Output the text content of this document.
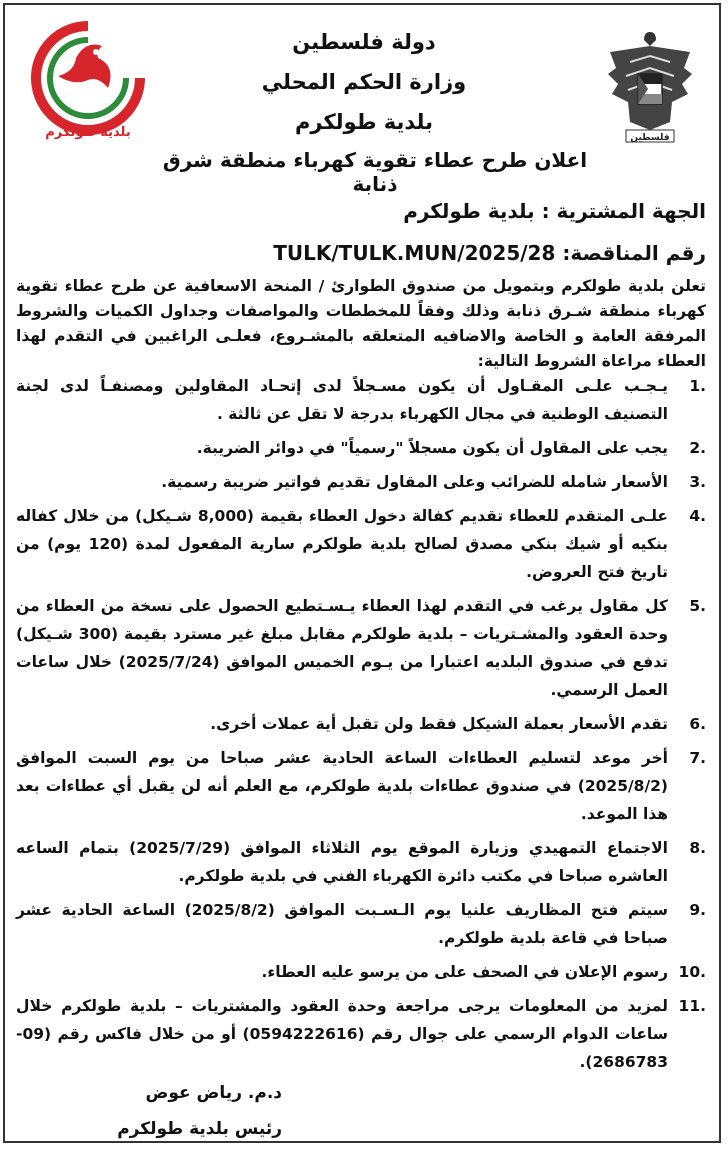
بلدية طولكرم
دولة فلسطين
وزارة الحكم المحلي
بلدية طولكرم
فلسطين
اعلان طرح عطاء تقوية كهرباء منطقة شرق ذنابة
الجهة المشترية : بلدية طولكرم
رقم المناقصة: TULK/TULK.MUN/2025/28
تعلن بلدية طولكرم وبتمويل من صندوق الطوارئ / المنحة الاسعافية عن طرح عطاء تقوية كهرباء منطقة شـرق ذنابة وذلك وفقاً للمخططات والمواصفات وجداول الكميات والشروط المرفقة العامة و الخاصة والاضافيه المتعلقه بالمشـروع، فعلـى الراغبين في التقدم لهذا العطاء مراعاة الشروط التالية:
1.
يـجـب علـى المقـاول أن يكون مسـجلاً لدى إتحـاد المقاولين ومصنفـاً لدى لجنة التصنيف الوطنية في مجال الكهرباء بدرجة لا تقل عن ثالثة .
2.
يجب على المقاول أن يكون مسجلاً "رسمياً" في دوائر الضريبة.
3.
الأسعار شامله للضرائب وعلى المقاول تقديم فواتير ضريبة رسمية.
4.
علـى المتقدم للعطاء تقديم كفالة دخول العطاء بقيمة (8,000 شـيكل) من خلال كفاله بنكيه أو شيك بنكي مصدق لصالح بلدية طولكرم سارية المفعول لمدة (120 يوم) من تاريخ فتح العروض.
5.
كل مقاول يرغب في التقدم لهذا العطاء يـسـتطيع الحصول على نسخة من العطاء من وحدة العقود والمشـتريات – بلدية طولكرم مقابل مبلغ غير مسترد بقيمة (300 شـيكل) تدفع في صندوق البلديه اعتبارا من يـوم الخميس الموافق (2025/7/24) خلال ساعات العمل الرسمي.
6.
تقدم الأسعار بعملة الشيكل فقط ولن تقبل أية عملات أخرى.
7.
أخر موعد لتسليم العطاءات الساعة الحادية عشر صباحا من يوم السبت الموافق (2025/8/2) في صندوق عطاءات بلدية طولكرم، مع العلم أنه لن يقبل أي عطاءات بعد هذا الموعد.
8.
الاجتماع التمهيدي وزيارة الموقع يوم الثلاثاء الموافق (2025/7/29) بتمام الساعه العاشره صباحا في مكتب دائرة الكهرباء الفني في بلدية طولكرم.
9.
سيتم فتح المظاريف علنيا يوم الـسـبت الموافق (2025/8/2) الساعة الحادية عشر صباحا في قاعة بلدية طولكرم.
10.
رسوم الإعلان في الصحف على من يرسو عليه العطاء.
11.
لمزيد من المعلومات يرجى مراجعة وحدة العقود والمشتريات – بلدية طولكرم خلال ساعات الدوام الرسمي على جوال رقم (0594222616) أو من خلال فاكس رقم (09-2686783).
د.م. رياض عوض
رئيس بلدية طولكرم
